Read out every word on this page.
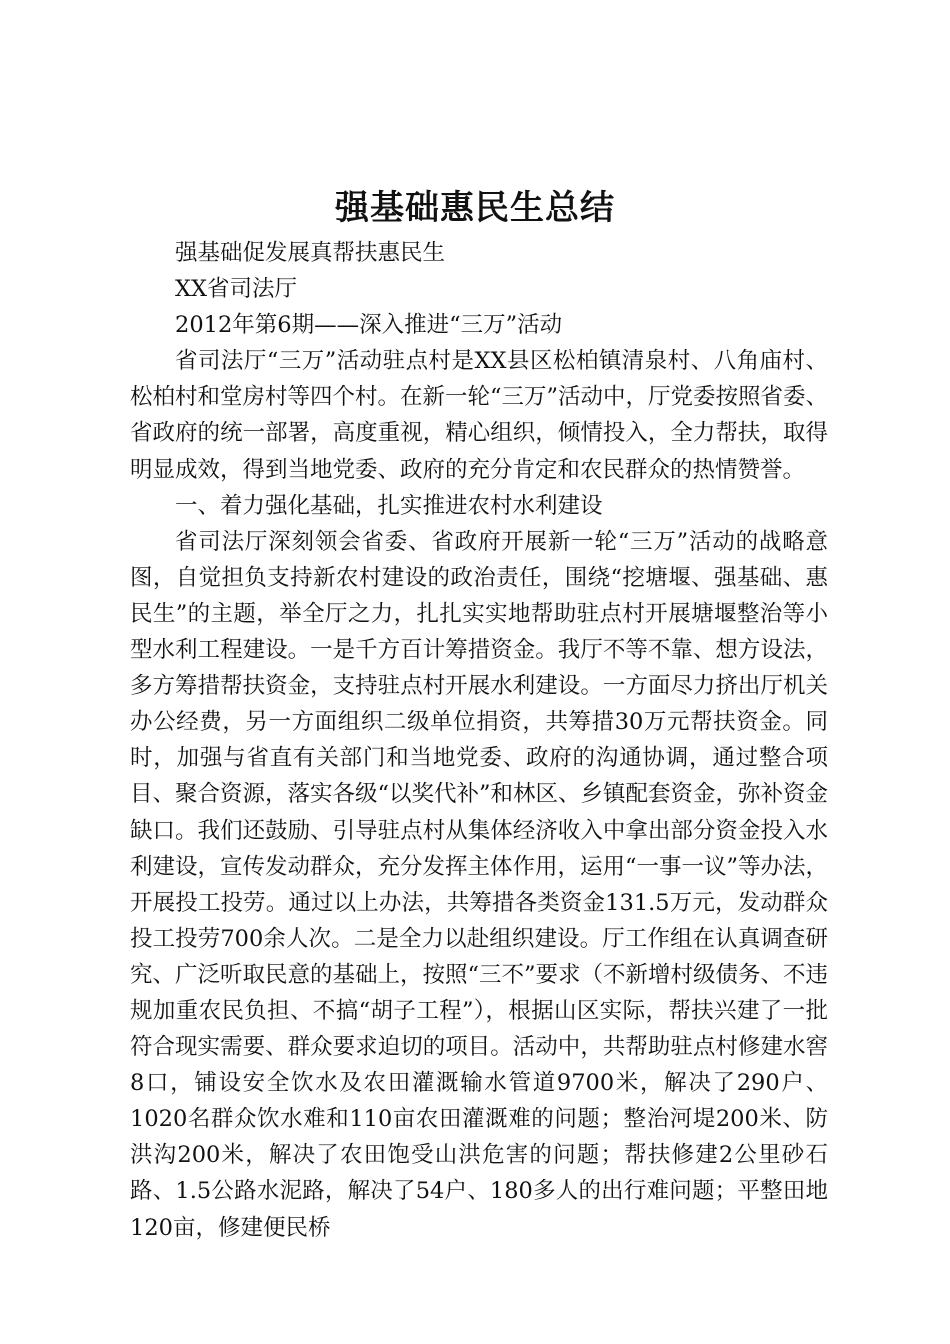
强基础惠民生总结

强基础促发展真帮扶惠民生

XX省司法厅

2012年第6期——深入推进“三万”活动

省司法厅“三万”活动驻点村是XX县区松柏镇清泉村、八角庙村、松柏村和堂房村等四个村。在新一轮“三万”活动中，厅党委按照省委、省政府的统一部署，高度重视，精心组织，倾情投入，全力帮扶，取得明显成效，得到当地党委、政府的充分肯定和农民群众的热情赞誉。

一、着力强化基础，扎实推进农村水利建设

省司法厅深刻领会省委、省政府开展新一轮“三万”活动的战略意图，自觉担负支持新农村建设的政治责任，围绕“挖塘堰、强基础、惠民生”的主题，举全厅之力，扎扎实实地帮助驻点村开展塘堰整治等小型水利工程建设。一是千方百计筹措资金。我厅不等不靠、想方设法，多方筹措帮扶资金，支持驻点村开展水利建设。一方面尽力挤出厅机关办公经费，另一方面组织二级单位捐资，共筹措30万元帮扶资金。同时，加强与省直有关部门和当地党委、政府的沟通协调，通过整合项目、聚合资源，落实各级“以奖代补”和林区、乡镇配套资金，弥补资金缺口。我们还鼓励、引导驻点村从集体经济收入中拿出部分资金投入水利建设，宣传发动群众，充分发挥主体作用，运用“一事一议”等办法，开展投工投劳。通过以上办法，共筹措各类资金131.5万元，发动群众投工投劳700余人次。二是全力以赴组织建设。厅工作组在认真调查研究、广泛听取民意的基础上，按照“三不”要求（不新增村级债务、不违规加重农民负担、不搞“胡子工程”），根据山区实际，帮扶兴建了一批符合现实需要、群众要求迫切的项目。活动中，共帮助驻点村修建水窖8口，铺设安全饮水及农田灌溉输水管道9700米，解决了290户、1020名群众饮水难和110亩农田灌溉难的问题；整治河堤200米、防洪沟200米，解决了农田饱受山洪危害的问题；帮扶修建2公里砂石路、1.5公路水泥路，解决了54户、180多人的出行难问题；平整田地120亩，修建便民桥
